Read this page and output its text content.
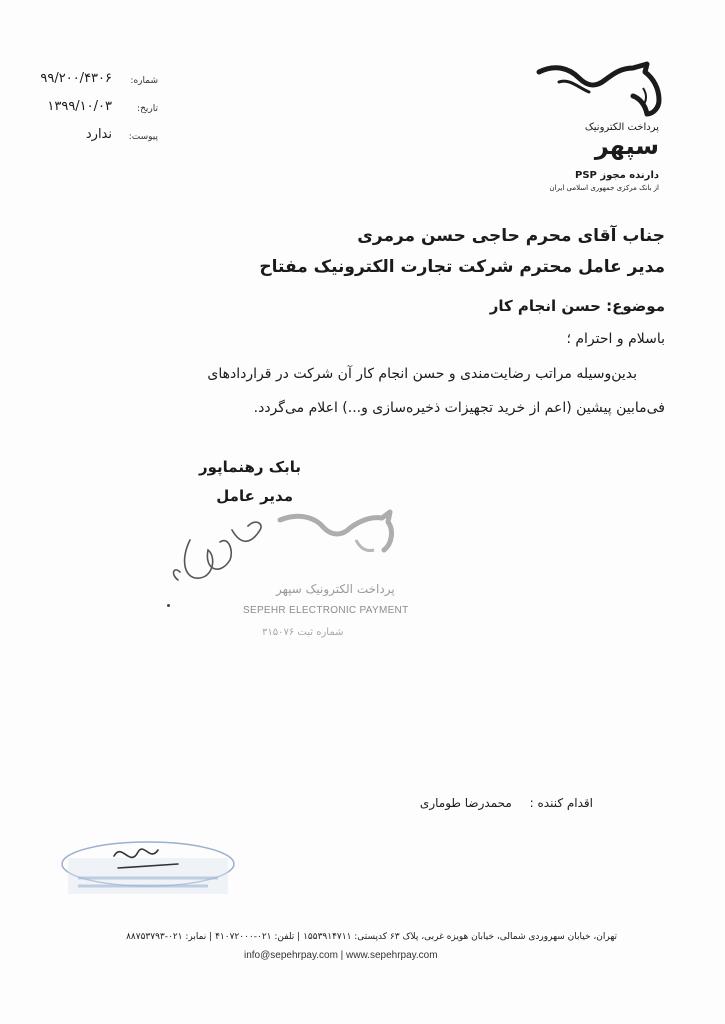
پرداخت الکترونیک
سپهر
دارنده مجوز PSP
از بانک مرکزی جمهوری اسلامی ایران
شماره:
۹۹/۲۰۰/۴۳۰۶
تاریخ:
۱۳۹۹/۱۰/۰۳
پیوست:
ندارد
جناب آقای محرم حاجی حسن مرمری
مدیر عامل محترم شرکت تجارت الکترونیک مفتاح
موضوع: حسن انجام کار
باسلام و احترام ؛
بدین‌وسیله مراتب رضایت‌مندی و حسن انجام کار آن شرکت در قراردادهای
فی‌مابین پیشین (اعم از خرید تجهیزات ذخیره‌سازی و...) اعلام می‌گردد.
بابک رهنماپور
مدیر عامل
پرداخت الکترونیک سپهر
SEPEHR ELECTRONIC PAYMENT
شماره ثبت ۳۱۵۰۷۶
اقدام کننده : محمدرضا طوماری
تهران، خیابان سهروردی شمالی، خیابان هویزه غربی، پلاک ۶۳ کدپستی: ۱۵۵۳۹۱۴۷۱۱ | تلفن: ۰۲۱-۴۱۰۷۲۰۰۰ | نمابر: ۰۲۱-۸۸۷۵۳۷۹۳
info@sepehrpay.com | www.sepehrpay.com
